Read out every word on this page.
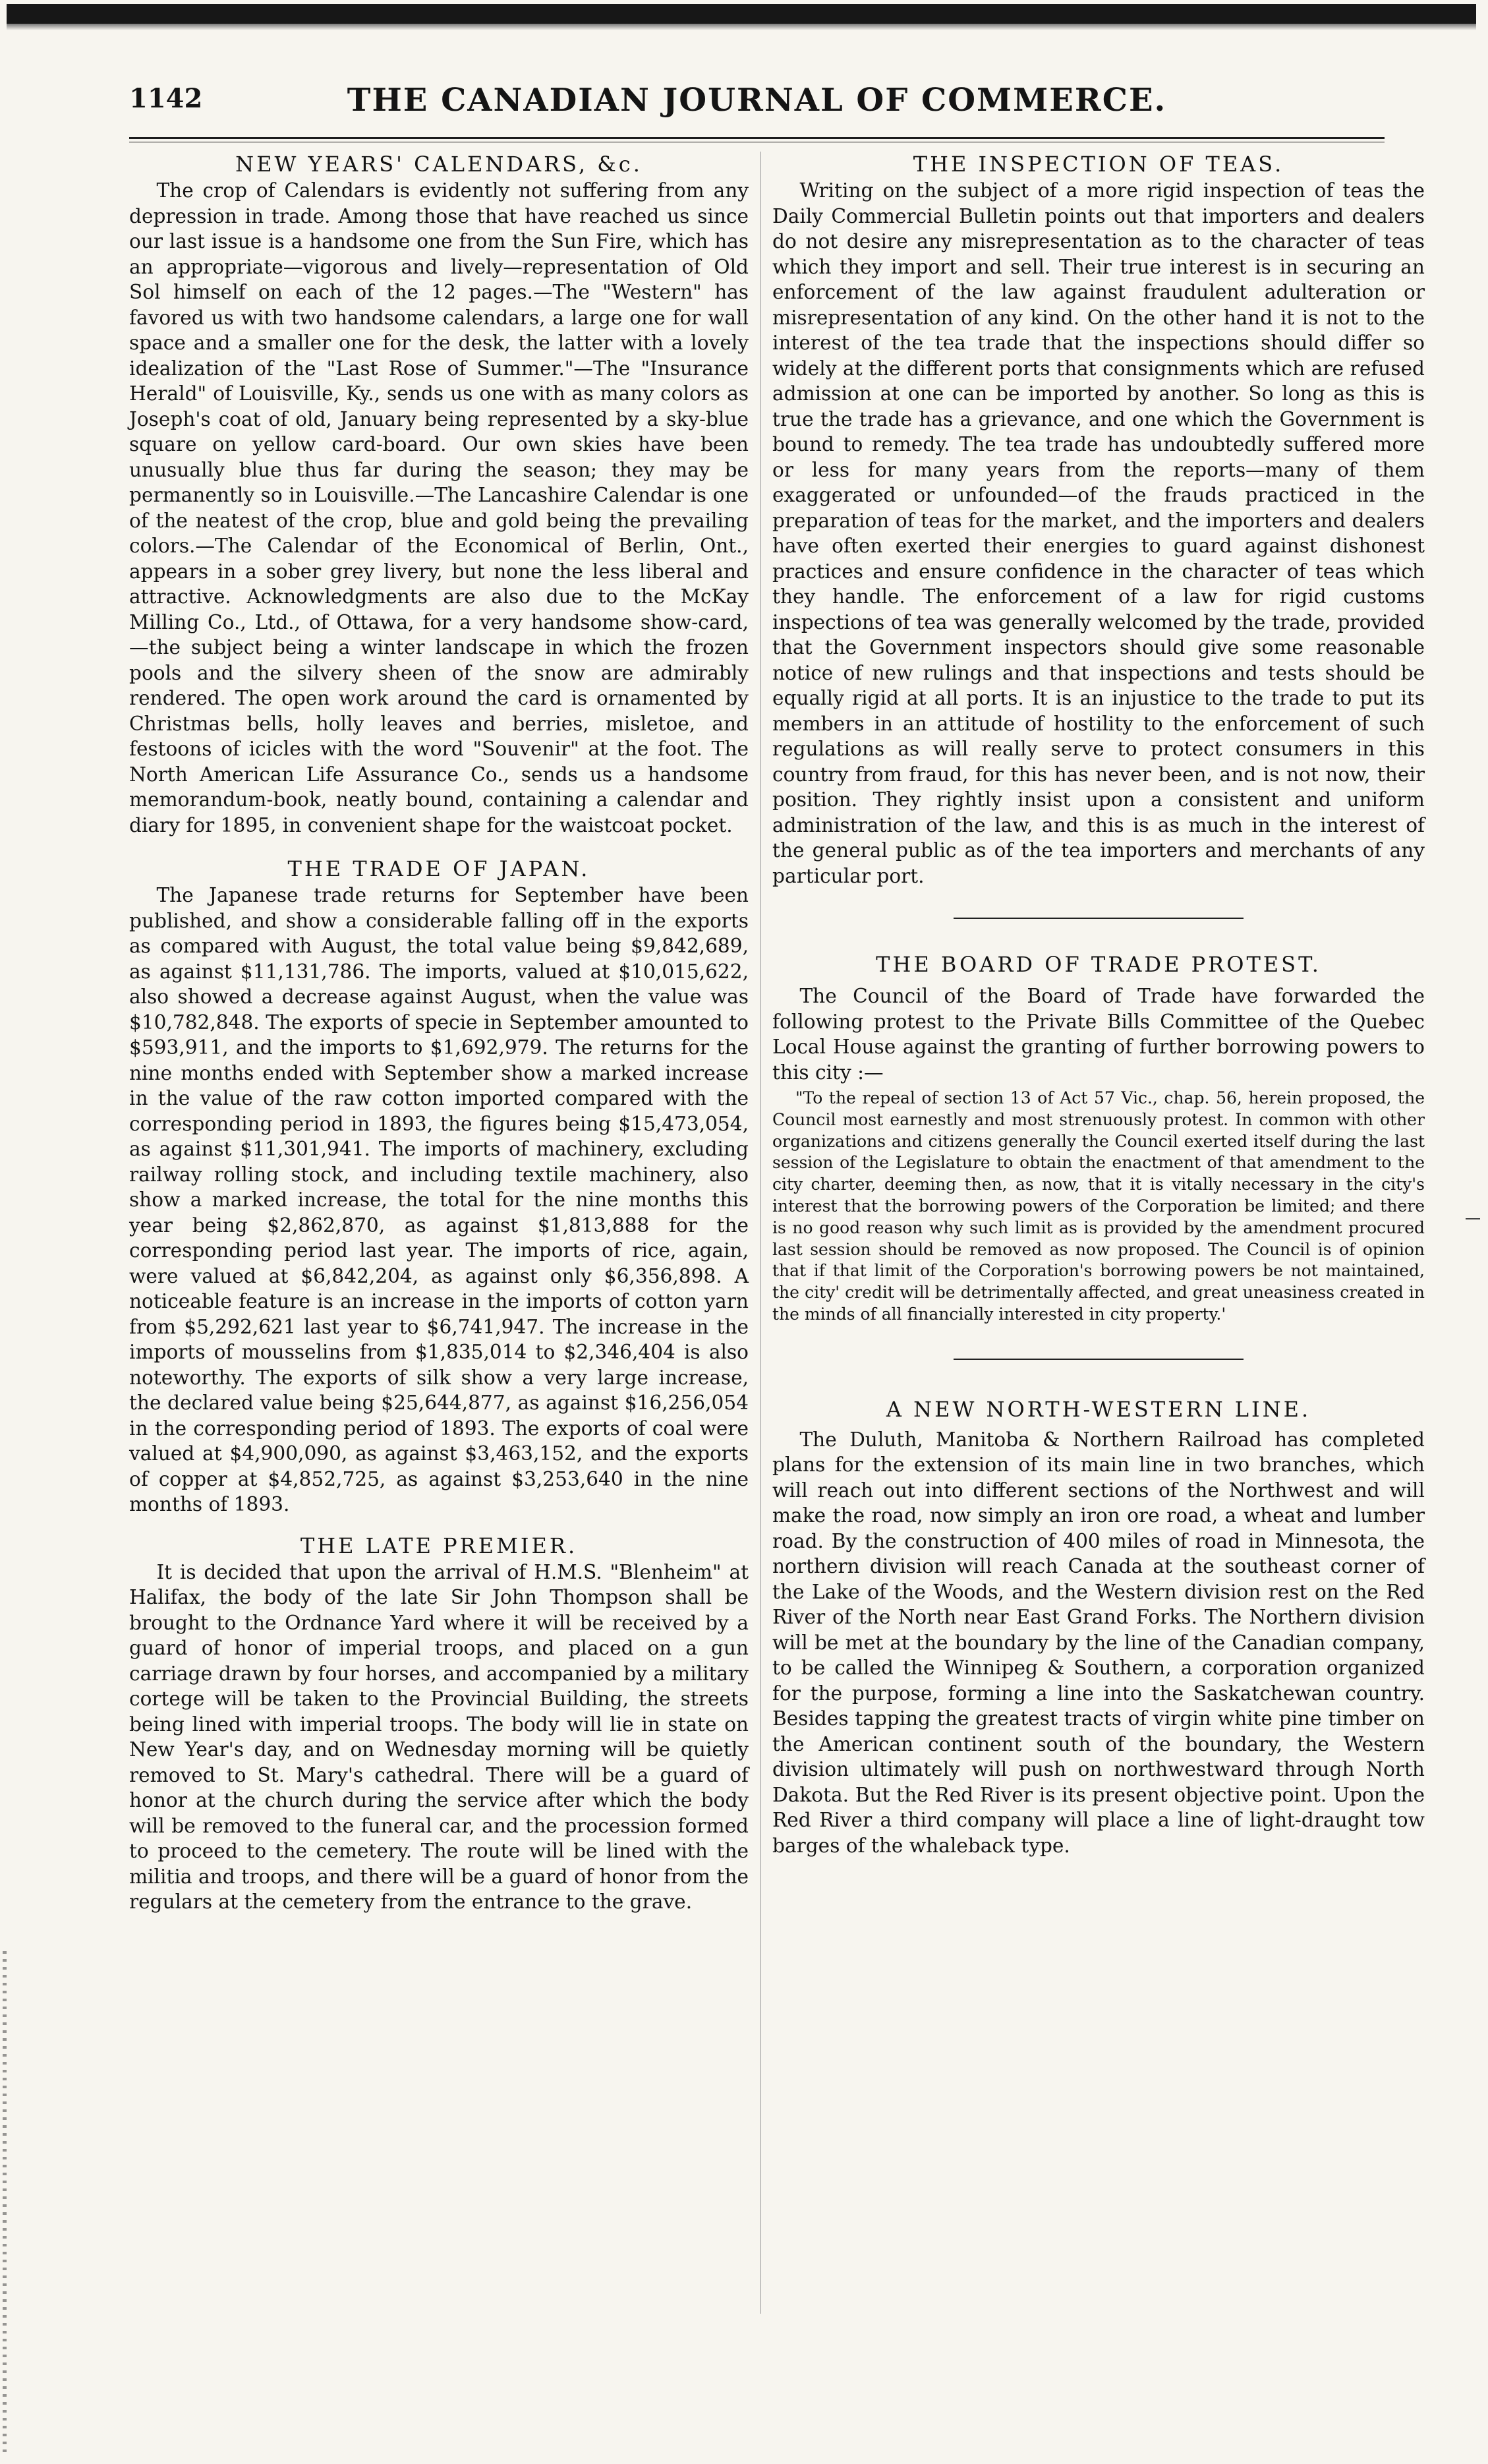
1142	THE CANADIAN JOURNAL OF COMMERCE.
NEW YEARS' CALENDARS, &c.

The crop of Calendars is evidently not suffering from any depression in trade. Among those that have reached us since our last issue is a handsome one from the Sun Fire, which has an appropriate—vigorous and lively—representation of Old Sol himself on each of the 12 pages.—The "Western" has favored us with two handsome calendars, a large one for wall space and a smaller one for the desk, the latter with a lovely idealization of the "Last Rose of Summer."—The "Insurance Herald" of Louisville, Ky., sends us one with as many colors as Joseph's coat of old, January being represented by a sky-blue square on yellow card-board. Our own skies have been unusually blue thus far during the season; they may be permanently so in Louisville.—The Lancashire Calendar is one of the neatest of the crop, blue and gold being the prevailing colors.—The Calendar of the Economical of Berlin, Ont., appears in a sober grey livery, but none the less liberal and attractive. Acknowledgments are also due to the McKay Milling Co., Ltd., of Ottawa, for a very handsome show-card, —the subject being a winter landscape in which the frozen pools and the silvery sheen of the snow are admirably rendered. The open work around the card is ornamented by Christmas bells, holly leaves and berries, misletoe, and festoons of icicles with the word "Souvenir" at the foot. The North American Life Assurance Co., sends us a handsome memorandum-book, neatly bound, containing a calendar and diary for 1895, in convenient shape for the waistcoat pocket.

THE TRADE OF JAPAN.

The Japanese trade returns for September have been published, and show a considerable falling off in the exports as compared with August, the total value being $9,842,689, as against $11,131,786. The imports, valued at $10,015,622, also showed a decrease against August, when the value was $10,782,848. The exports of specie in September amounted to $593,911, and the imports to $1,692,979. The returns for the nine months ended with September show a marked increase in the value of the raw cotton imported compared with the corresponding period in 1893, the figures being $15,473,054, as against $11,301,941. The imports of machinery, excluding railway rolling stock, and including textile machinery, also show a marked increase, the total for the nine months this year being $2,862,870, as against $1,813,888 for the corresponding period last year. The imports of rice, again, were valued at $6,842,204, as against only $6,356,898. A noticeable feature is an increase in the imports of cotton yarn from $5,292,621 last year to $6,741,947. The increase in the imports of mousselins from $1,835,014 to $2,346,404 is also noteworthy. The exports of silk show a very large increase, the declared value being $25,644,877, as against $16,256,054 in the corresponding period of 1893. The exports of coal were valued at $4,900,090, as against $3,463,152, and the exports of copper at $4,852,725, as against $3,253,640 in the nine months of 1893.

THE LATE PREMIER.

It is decided that upon the arrival of H.M.S. "Blenheim" at Halifax, the body of the late Sir John Thompson shall be brought to the Ordnance Yard where it will be received by a guard of honor of imperial troops, and placed on a gun carriage drawn by four horses, and accompanied by a military cortege will be taken to the Provincial Building, the streets being lined with imperial troops. The body will lie in state on New Year's day, and on Wednesday morning will be quietly removed to St. Mary's cathedral. There will be a guard of honor at the church during the service after which the body will be removed to the funeral car, and the procession formed to proceed to the cemetery. The route will be lined with the militia and troops, and there will be a guard of honor from the regulars at the cemetery from the entrance to the grave.

THE INSPECTION OF TEAS.

Writing on the subject of a more rigid inspection of teas the Daily Commercial Bulletin points out that importers and dealers do not desire any misrepresentation as to the character of teas which they import and sell. Their true interest is in securing an enforcement of the law against fraudulent adulteration or misrepresentation of any kind. On the other hand it is not to the interest of the tea trade that the inspections should differ so widely at the different ports that consignments which are refused admission at one can be imported by another. So long as this is true the trade has a grievance, and one which the Government is bound to remedy. The tea trade has undoubtedly suffered more or less for many years from the reports—many of them exaggerated or unfounded—of the frauds practiced in the preparation of teas for the market, and the importers and dealers have often exerted their energies to guard against dishonest practices and ensure confidence in the character of teas which they handle. The enforcement of a law for rigid customs inspections of tea was generally welcomed by the trade, provided that the Government inspectors should give some reasonable notice of new rulings and that inspections and tests should be equally rigid at all ports. It is an injustice to the trade to put its members in an attitude of hostility to the enforcement of such regulations as will really serve to protect consumers in this country from fraud, for this has never been, and is not now, their position. They rightly insist upon a consistent and uniform administration of the law, and this is as much in the interest of the general public as of the tea importers and merchants of any particular port.

THE BOARD OF TRADE PROTEST.

The Council of the Board of Trade have forwarded the following protest to the Private Bills Committee of the Quebec Local House against the granting of further borrowing powers to this city :—

"To the repeal of section 13 of Act 57 Vic., chap. 56, herein proposed, the Council most earnestly and most strenuously protest. In common with other organizations and citizens generally the Council exerted itself during the last session of the Legislature to obtain the enactment of that amendment to the city charter, deeming then, as now, that it is vitally necessary in the city's interest that the borrowing powers of the Corporation be limited; and there is no good reason why such limit as is provided by the amendment procured last session should be removed as now proposed. The Council is of opinion that if that limit of the Corporation's borrowing powers be not maintained, the city' credit will be detrimentally affected, and great uneasiness created in the minds of all financially interested in city property.'

A NEW NORTH-WESTERN LINE.

The Duluth, Manitoba & Northern Railroad has completed plans for the extension of its main line in two branches, which will reach out into different sections of the Northwest and will make the road, now simply an iron ore road, a wheat and lumber road. By the construction of 400 miles of road in Minnesota, the northern division will reach Canada at the southeast corner of the Lake of the Woods, and the Western division rest on the Red River of the North near East Grand Forks. The Northern division will be met at the boundary by the line of the Canadian company, to be called the Winnipeg & Southern, a corporation organized for the purpose, forming a line into the Saskatchewan country. Besides tapping the greatest tracts of virgin white pine timber on the American continent south of the boundary, the Western division ultimately will push on northwestward through North Dakota. But the Red River is its present objective point. Upon the Red River a third company will place a line of light-draught tow barges of the whaleback type.
